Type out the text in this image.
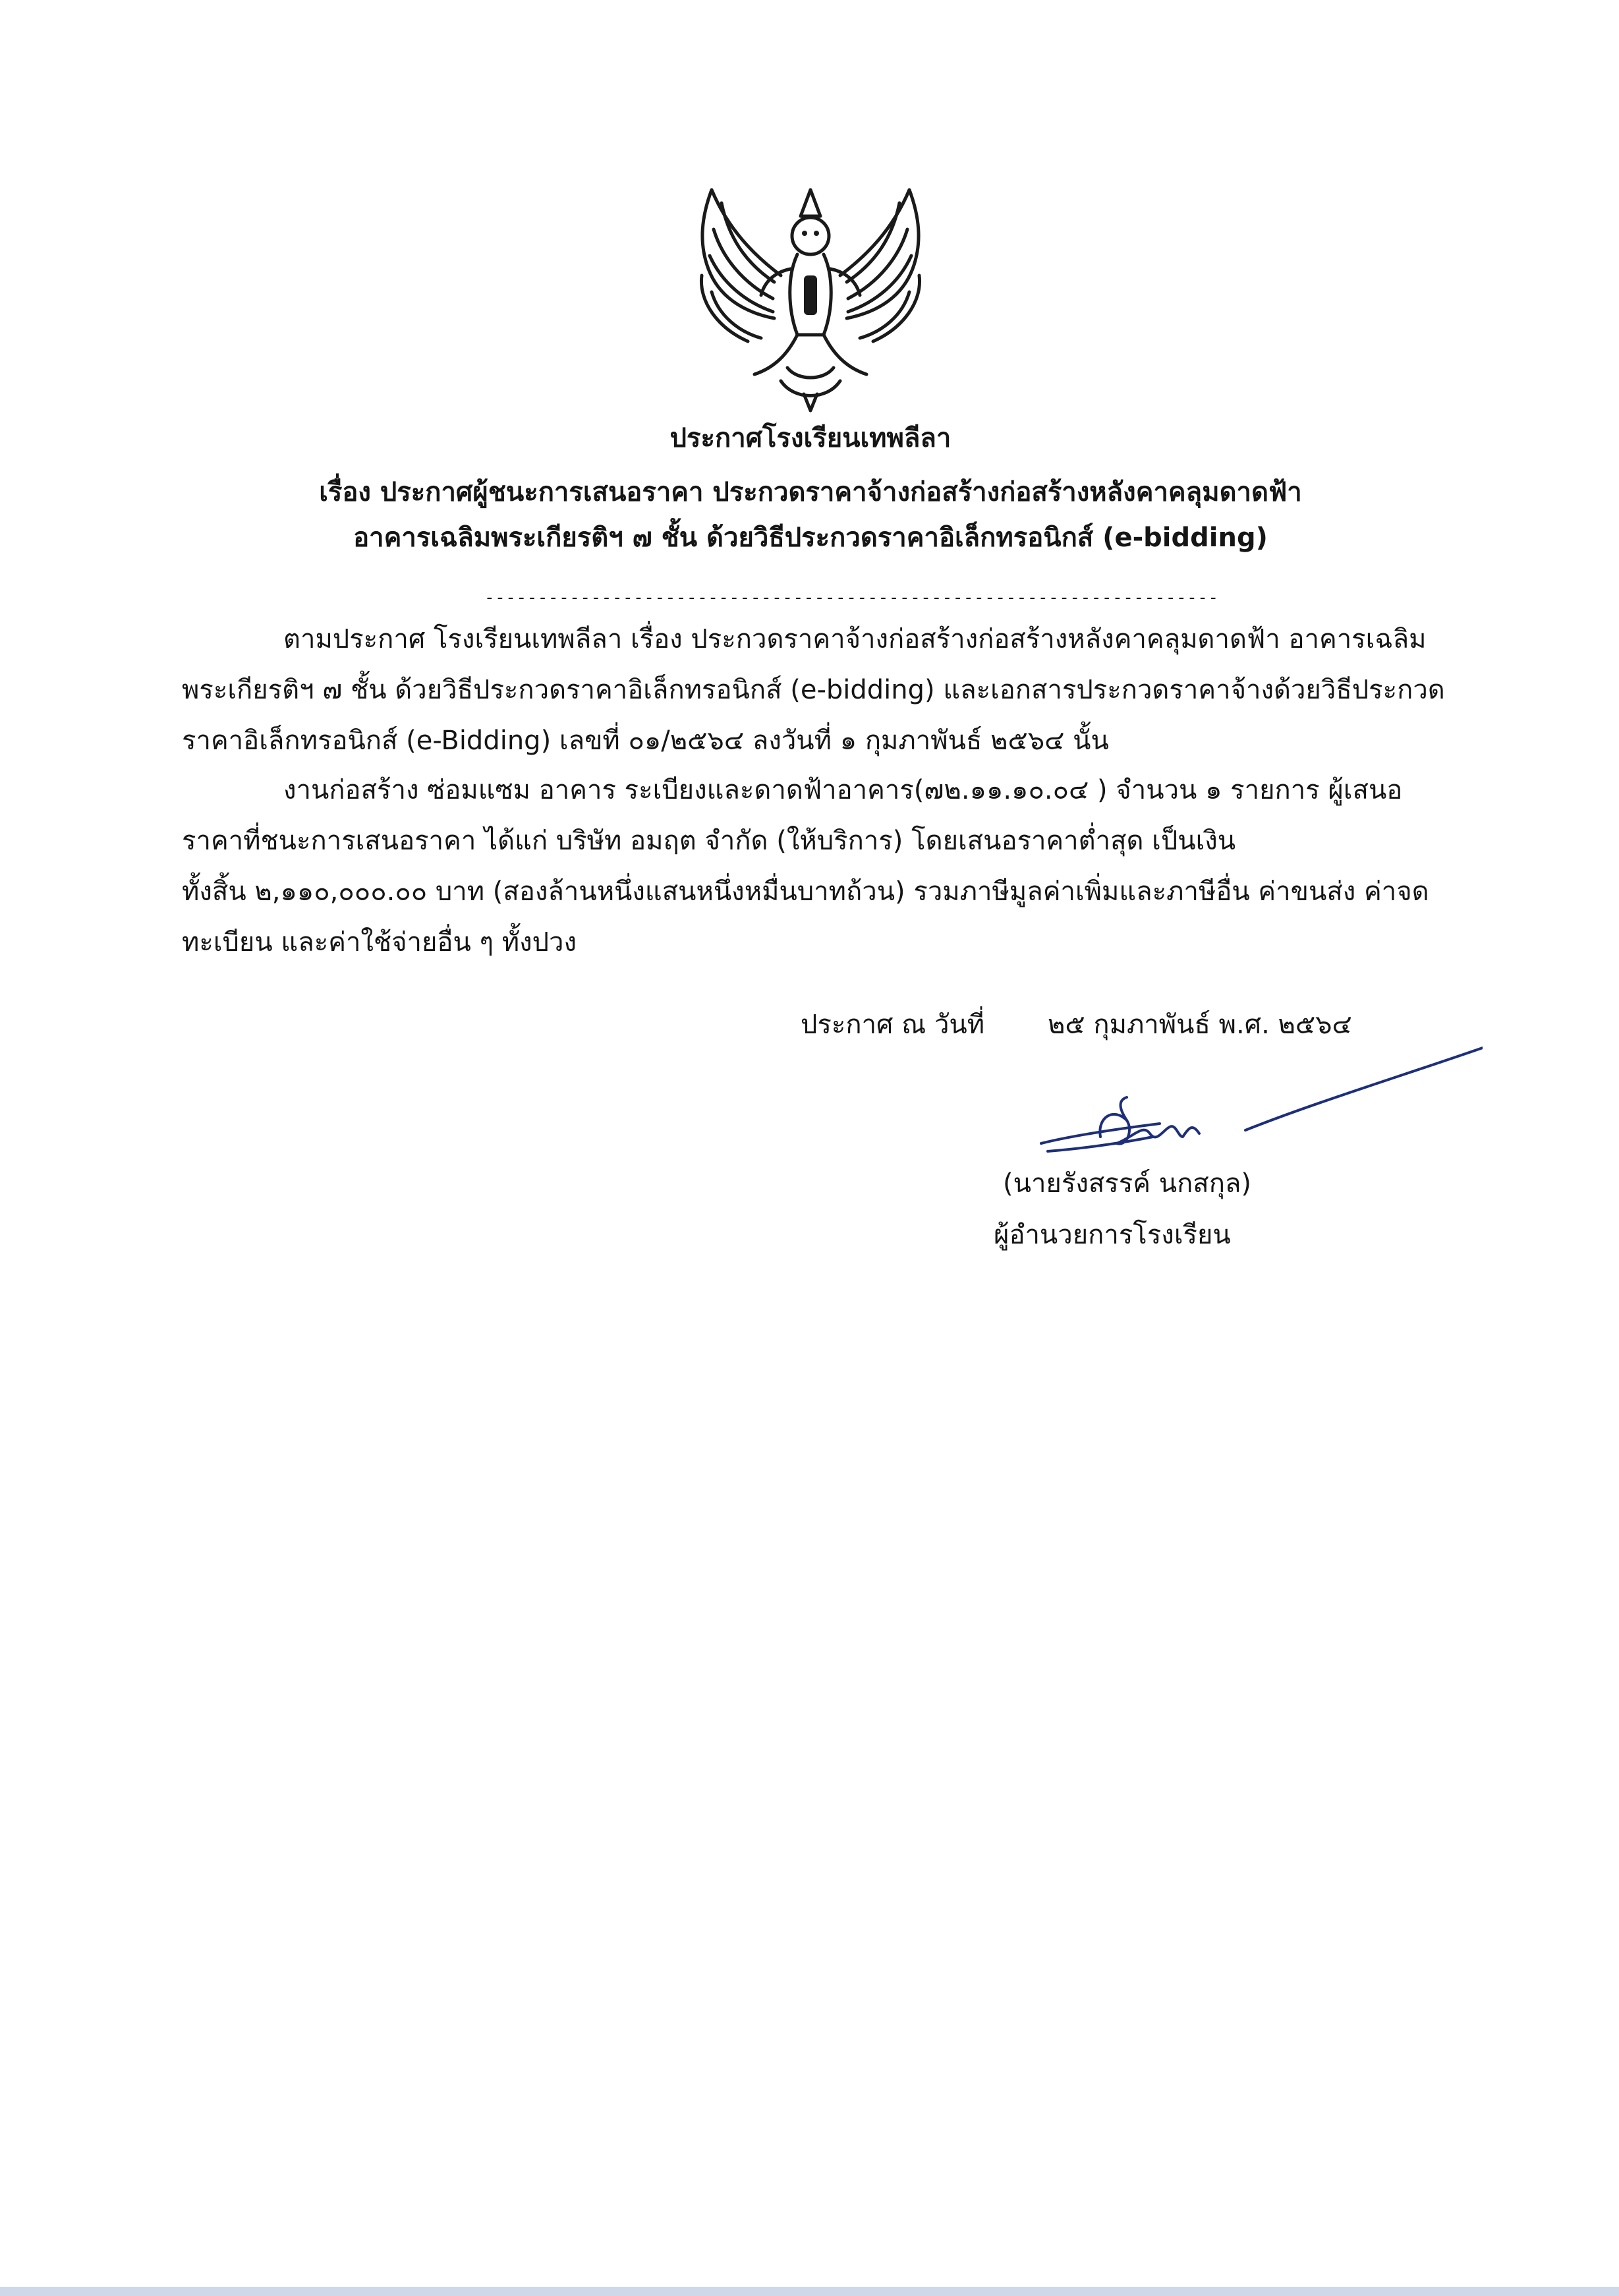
ประกาศโรงเรียนเทพลีลา
เรื่อง ประกาศผู้ชนะการเสนอราคา ประกวดราคาจ้างก่อสร้างก่อสร้างหลังคาคลุมดาดฟ้า
อาคารเฉลิมพระเกียรติฯ ๗ ชั้น ด้วยวิธีประกวดราคาอิเล็กทรอนิกส์ (e-bidding)
---------------------------------------------------------------------
ตามประกาศ โรงเรียนเทพลีลา เรื่อง ประกวดราคาจ้างก่อสร้างก่อสร้างหลังคาคลุมดาดฟ้า อาคารเฉลิม
พระเกียรติฯ ๗ ชั้น ด้วยวิธีประกวดราคาอิเล็กทรอนิกส์ (e-bidding) และเอกสารประกวดราคาจ้างด้วยวิธีประกวด
ราคาอิเล็กทรอนิกส์ (e-Bidding) เลขที่ ๐๑/๒๕๖๔ ลงวันที่ ๑ กุมภาพันธ์ ๒๕๖๔ นั้น
งานก่อสร้าง ซ่อมแซม อาคาร ระเบียงและดาดฟ้าอาคาร(๗๒.๑๑.๑๐.๐๔ ) จำนวน ๑ รายการ ผู้เสนอ
ราคาที่ชนะการเสนอราคา ได้แก่ บริษัท อมฤต จำกัด (ให้บริการ) โดยเสนอราคาต่ำสุด เป็นเงิน
ทั้งสิ้น ๒,๑๑๐,๐๐๐.๐๐ บาท (สองล้านหนึ่งแสนหนึ่งหมื่นบาทถ้วน) รวมภาษีมูลค่าเพิ่มและภาษีอื่น ค่าขนส่ง ค่าจด
ทะเบียน และค่าใช้จ่ายอื่น ๆ ทั้งปวง
ประกาศ ณ วันที่ ๒๕ กุมภาพันธ์ พ.ศ. ๒๕๖๔
(นายรังสรรค์ นกสกุล)
ผู้อำนวยการโรงเรียน
